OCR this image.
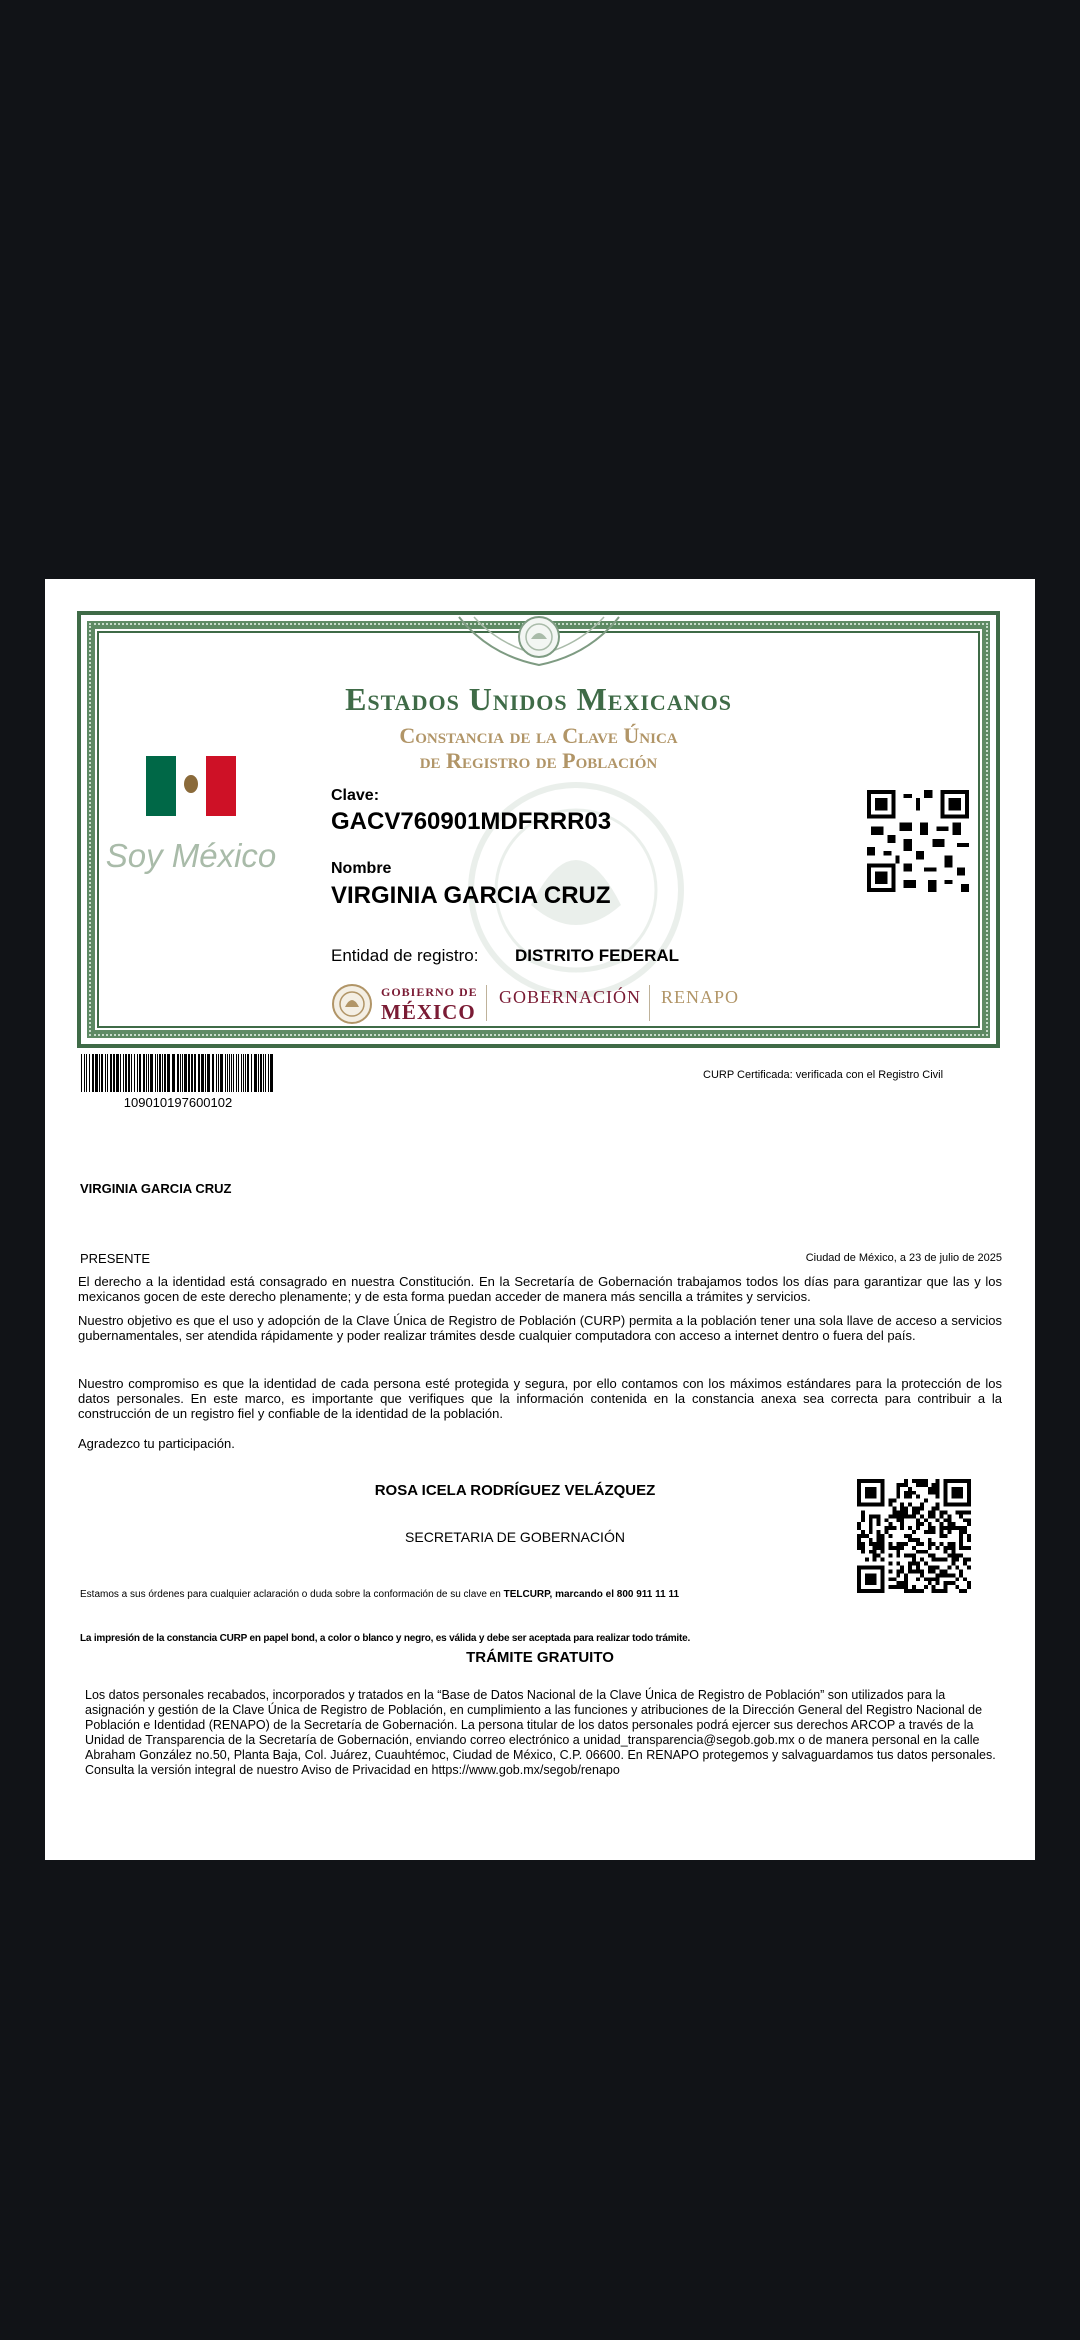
Estados Unidos Mexicanos
Constancia de la Clave Única
de Registro de Población
Soy México
Clave:
GACV760901MDFRRR03
Nombre
VIRGINIA GARCIA CRUZ
Entidad de registro: DISTRITO FEDERAL
GOBIERNO DE
MÉXICO
GOBERNACIÓN RENAPO
109010197600102
CURP Certificada: verificada con el Registro Civil
VIRGINIA GARCIA CRUZ
PRESENTE	Ciudad de México, a 23 de julio de 2025

El derecho a la identidad está consagrado en nuestra Constitución. En la Secretaría de Gobernación trabajamos todos los días para garantizar que las y los mexicanos gocen de este derecho plenamente; y de esta forma puedan acceder de manera más sencilla a trámites y servicios.

Nuestro objetivo es que el uso y adopción de la Clave Única de Registro de Población (CURP) permita a la población tener una sola llave de acceso a servicios gubernamentales, ser atendida rápidamente y poder realizar trámites desde cualquier computadora con acceso a internet dentro o fuera del país.

Nuestro compromiso es que la identidad de cada persona esté protegida y segura, por ello contamos con los máximos estándares para la protección de los datos personales. En este marco, es importante que verifiques que la información contenida en la constancia anexa sea correcta para contribuir a la construcción de un registro fiel y confiable de la identidad de la población.

Agradezco tu participación.

ROSA ICELA RODRÍGUEZ VELÁZQUEZ
SECRETARIA DE GOBERNACIÓN
Estamos a sus órdenes para cualquier aclaración o duda sobre la conformación de su clave en TELCURP, marcando el 800 911 11 11
La impresión de la constancia CURP en papel bond, a color o blanco y negro, es válida y debe ser aceptada para realizar todo trámite.
TRÁMITE GRATUITO

Los datos personales recabados, incorporados y tratados en la “Base de Datos Nacional de la Clave Única de Registro de Población” son utilizados para la asignación y gestión de la Clave Única de Registro de Población, en cumplimiento a las funciones y atribuciones de la Dirección General del Registro Nacional de Población e Identidad (RENAPO) de la Secretaría de Gobernación. La persona titular de los datos personales podrá ejercer sus derechos ARCOP a través de la Unidad de Transparencia de la Secretaría de Gobernación, enviando correo electrónico a unidad_transparencia@segob.gob.mx o de manera personal en la calle Abraham González no.50, Planta Baja, Col. Juárez, Cuauhtémoc, Ciudad de México, C.P. 06600. En RENAPO protegemos y salvaguardamos tus datos personales. Consulta la versión integral de nuestro Aviso de Privacidad en https://www.gob.mx/segob/renapo
